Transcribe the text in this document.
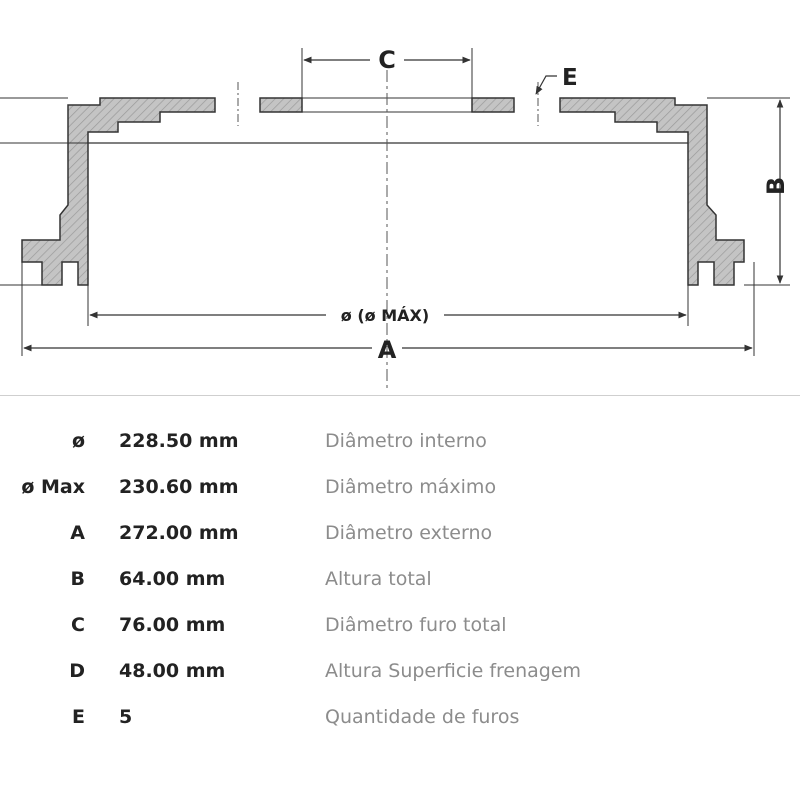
C
E
B
ø (ø MÁX)
A
ø 228.50 mm	Diâmetro interno
ø Max 230.60 mm	Diâmetro máximo
A 272.00 mm	Diâmetro externo
B 64.00 mm	Altura total
C 76.00 mm	Diâmetro furo total
D 48.00 mm	Altura Superficie frenagem
E 5	Quantidade de furos
